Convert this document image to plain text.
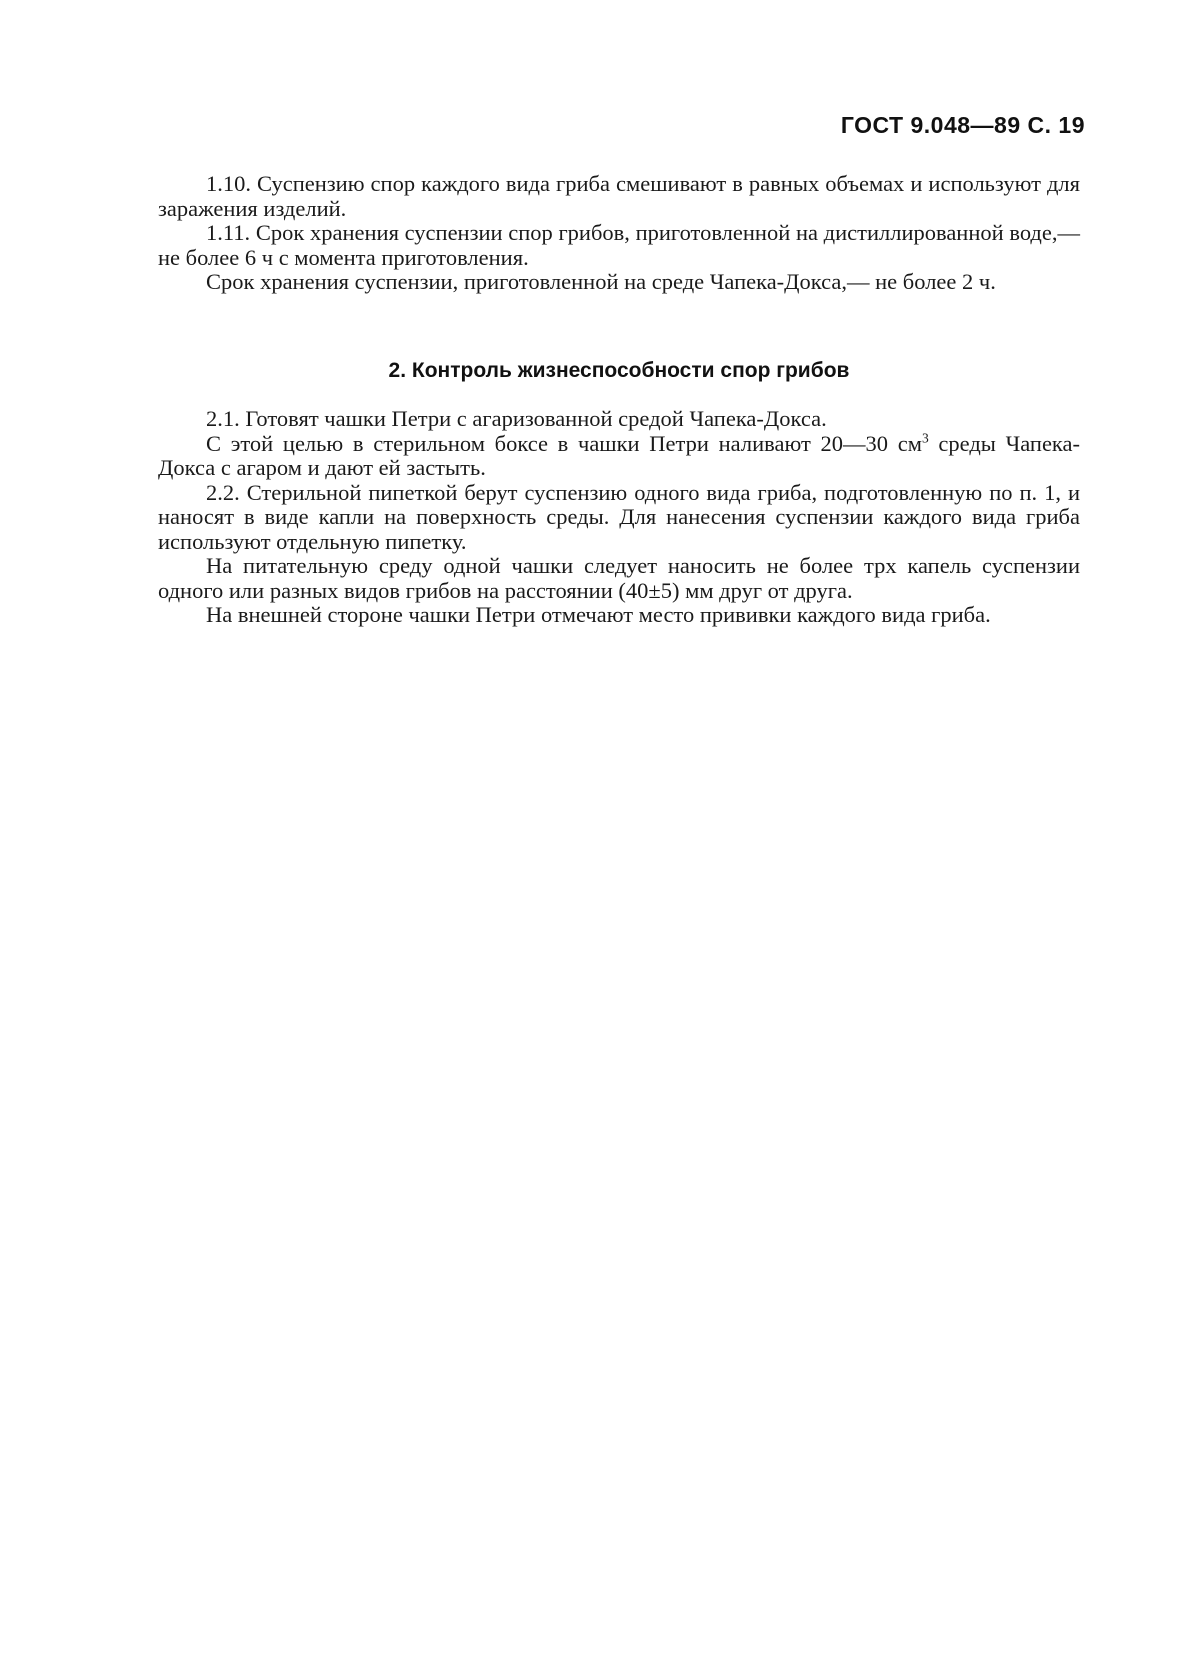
ГОСТ 9.048—89 С. 19

1.10. Суспензию спор каждого вида гриба смешивают в равных объемах и используют для заражения изделий.

1.11. Срок хранения суспензии спор грибов, приготовленной на дистиллированной воде,— не более 6 ч с момента приготовления.

Срок хранения суспензии, приготовленной на среде Чапека-Докса,— не более 2 ч.

2. Контроль жизнеспособности спор грибов

2.1. Готовят чашки Петри с агаризованной средой Чапека-Докса.

С этой целью в стерильном боксе в чашки Петри наливают 20—30 $см^3$ среды Чапека-Докса с агаром и дают ей застыть.

2.2. Стерильной пипеткой берут суспензию одного вида гриба, подготовленную по п. 1, и наносят в виде капли на поверхность среды. Для нанесения суспензии каждого вида гриба используют отдельную пипетку.

На питательную среду одной чашки следует наносить не более трх капель суспензии одного или разных видов грибов на расстоянии (40±5) мм друг от друга.

На внешней стороне чашки Петри отмечают место прививки каждого вида гриба.
